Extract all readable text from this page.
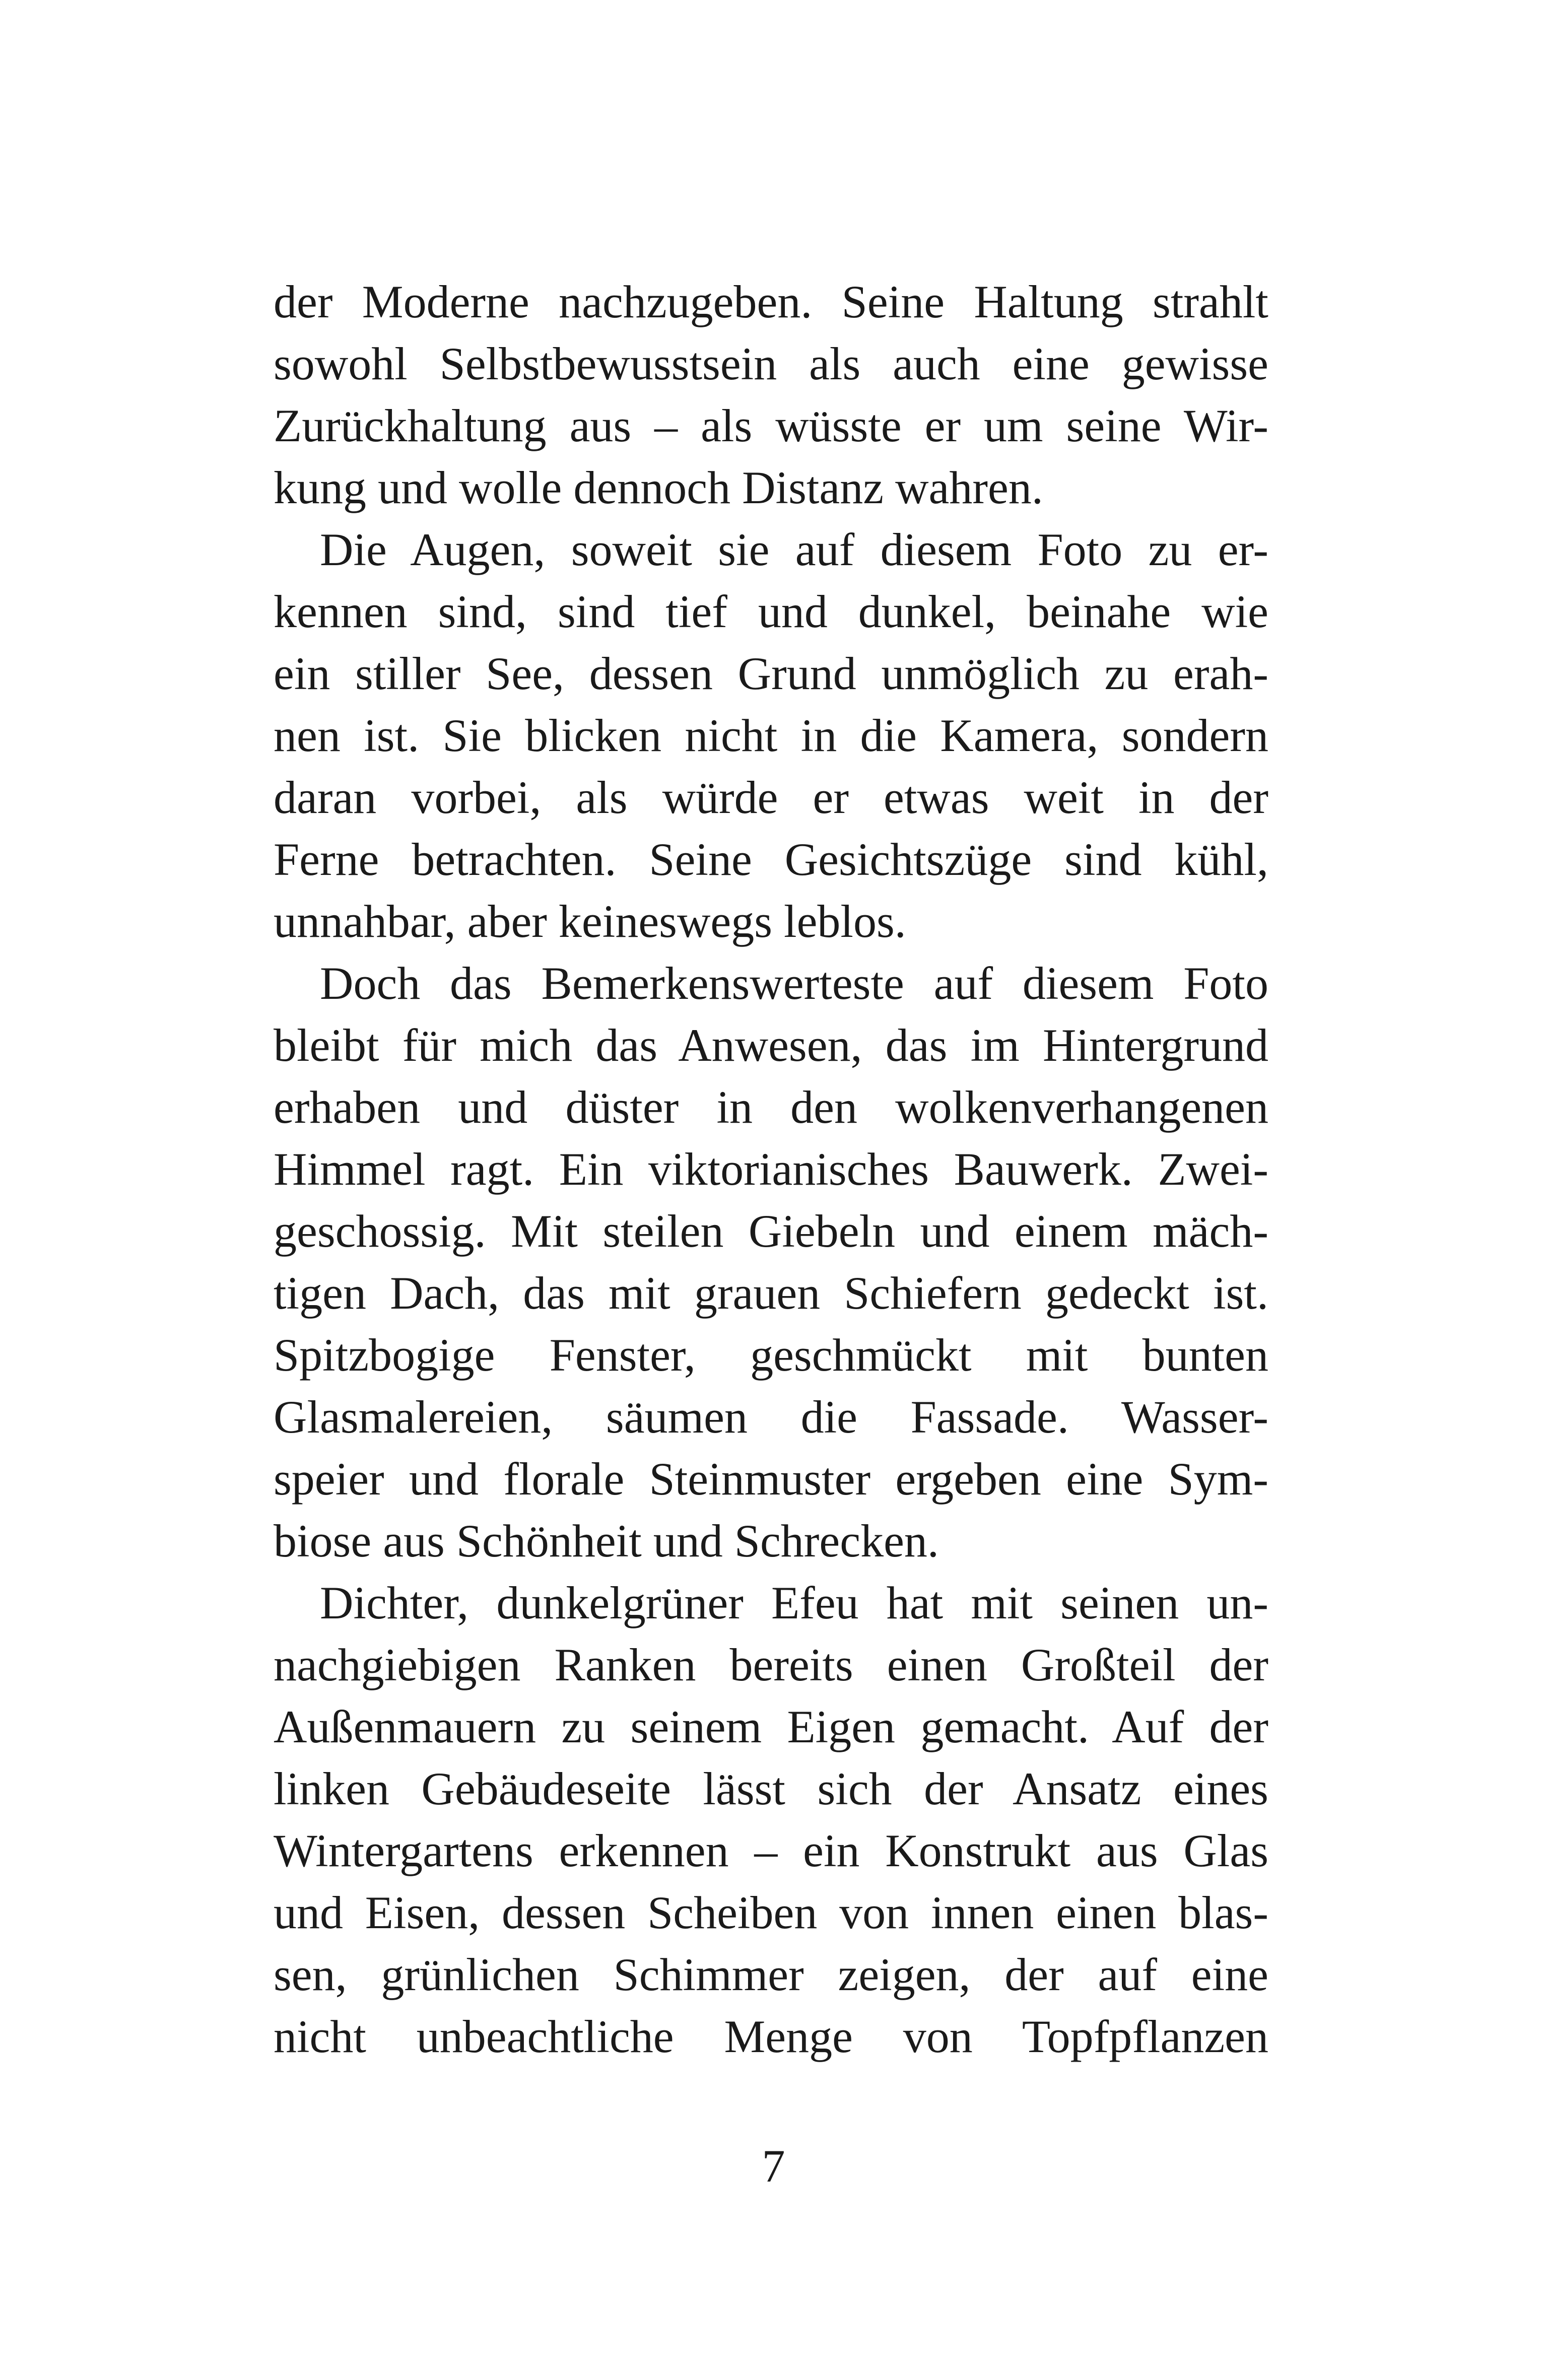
der Moderne nachzugeben. Seine Haltung strahlt
sowohl Selbstbewusstsein als auch eine gewisse
Zurückhaltung aus – als wüsste er um seine Wir-
kung und wolle dennoch Distanz wahren.
Die Augen, soweit sie auf diesem Foto zu er-
kennen sind, sind tief und dunkel, beinahe wie
ein stiller See, dessen Grund unmöglich zu erah-
nen ist. Sie blicken nicht in die Kamera, sondern
daran vorbei, als würde er etwas weit in der
Ferne betrachten. Seine Gesichtszüge sind kühl,
unnahbar, aber keineswegs leblos.
Doch das Bemerkenswerteste auf diesem Foto
bleibt für mich das Anwesen, das im Hintergrund
erhaben und düster in den wolkenverhangenen
Himmel ragt. Ein viktorianisches Bauwerk. Zwei-
geschossig. Mit steilen Giebeln und einem mäch-
tigen Dach, das mit grauen Schiefern gedeckt ist.
Spitzbogige Fenster, geschmückt mit bunten
Glasmalereien, säumen die Fassade. Wasser-
speier und florale Steinmuster ergeben eine Sym-
biose aus Schönheit und Schrecken.
Dichter, dunkelgrüner Efeu hat mit seinen un-
nachgiebigen Ranken bereits einen Großteil der
Außenmauern zu seinem Eigen gemacht. Auf der
linken Gebäudeseite lässt sich der Ansatz eines
Wintergartens erkennen – ein Konstrukt aus Glas
und Eisen, dessen Scheiben von innen einen blas-
sen, grünlichen Schimmer zeigen, der auf eine
nicht unbeachtliche Menge von Topfpflanzen
7
